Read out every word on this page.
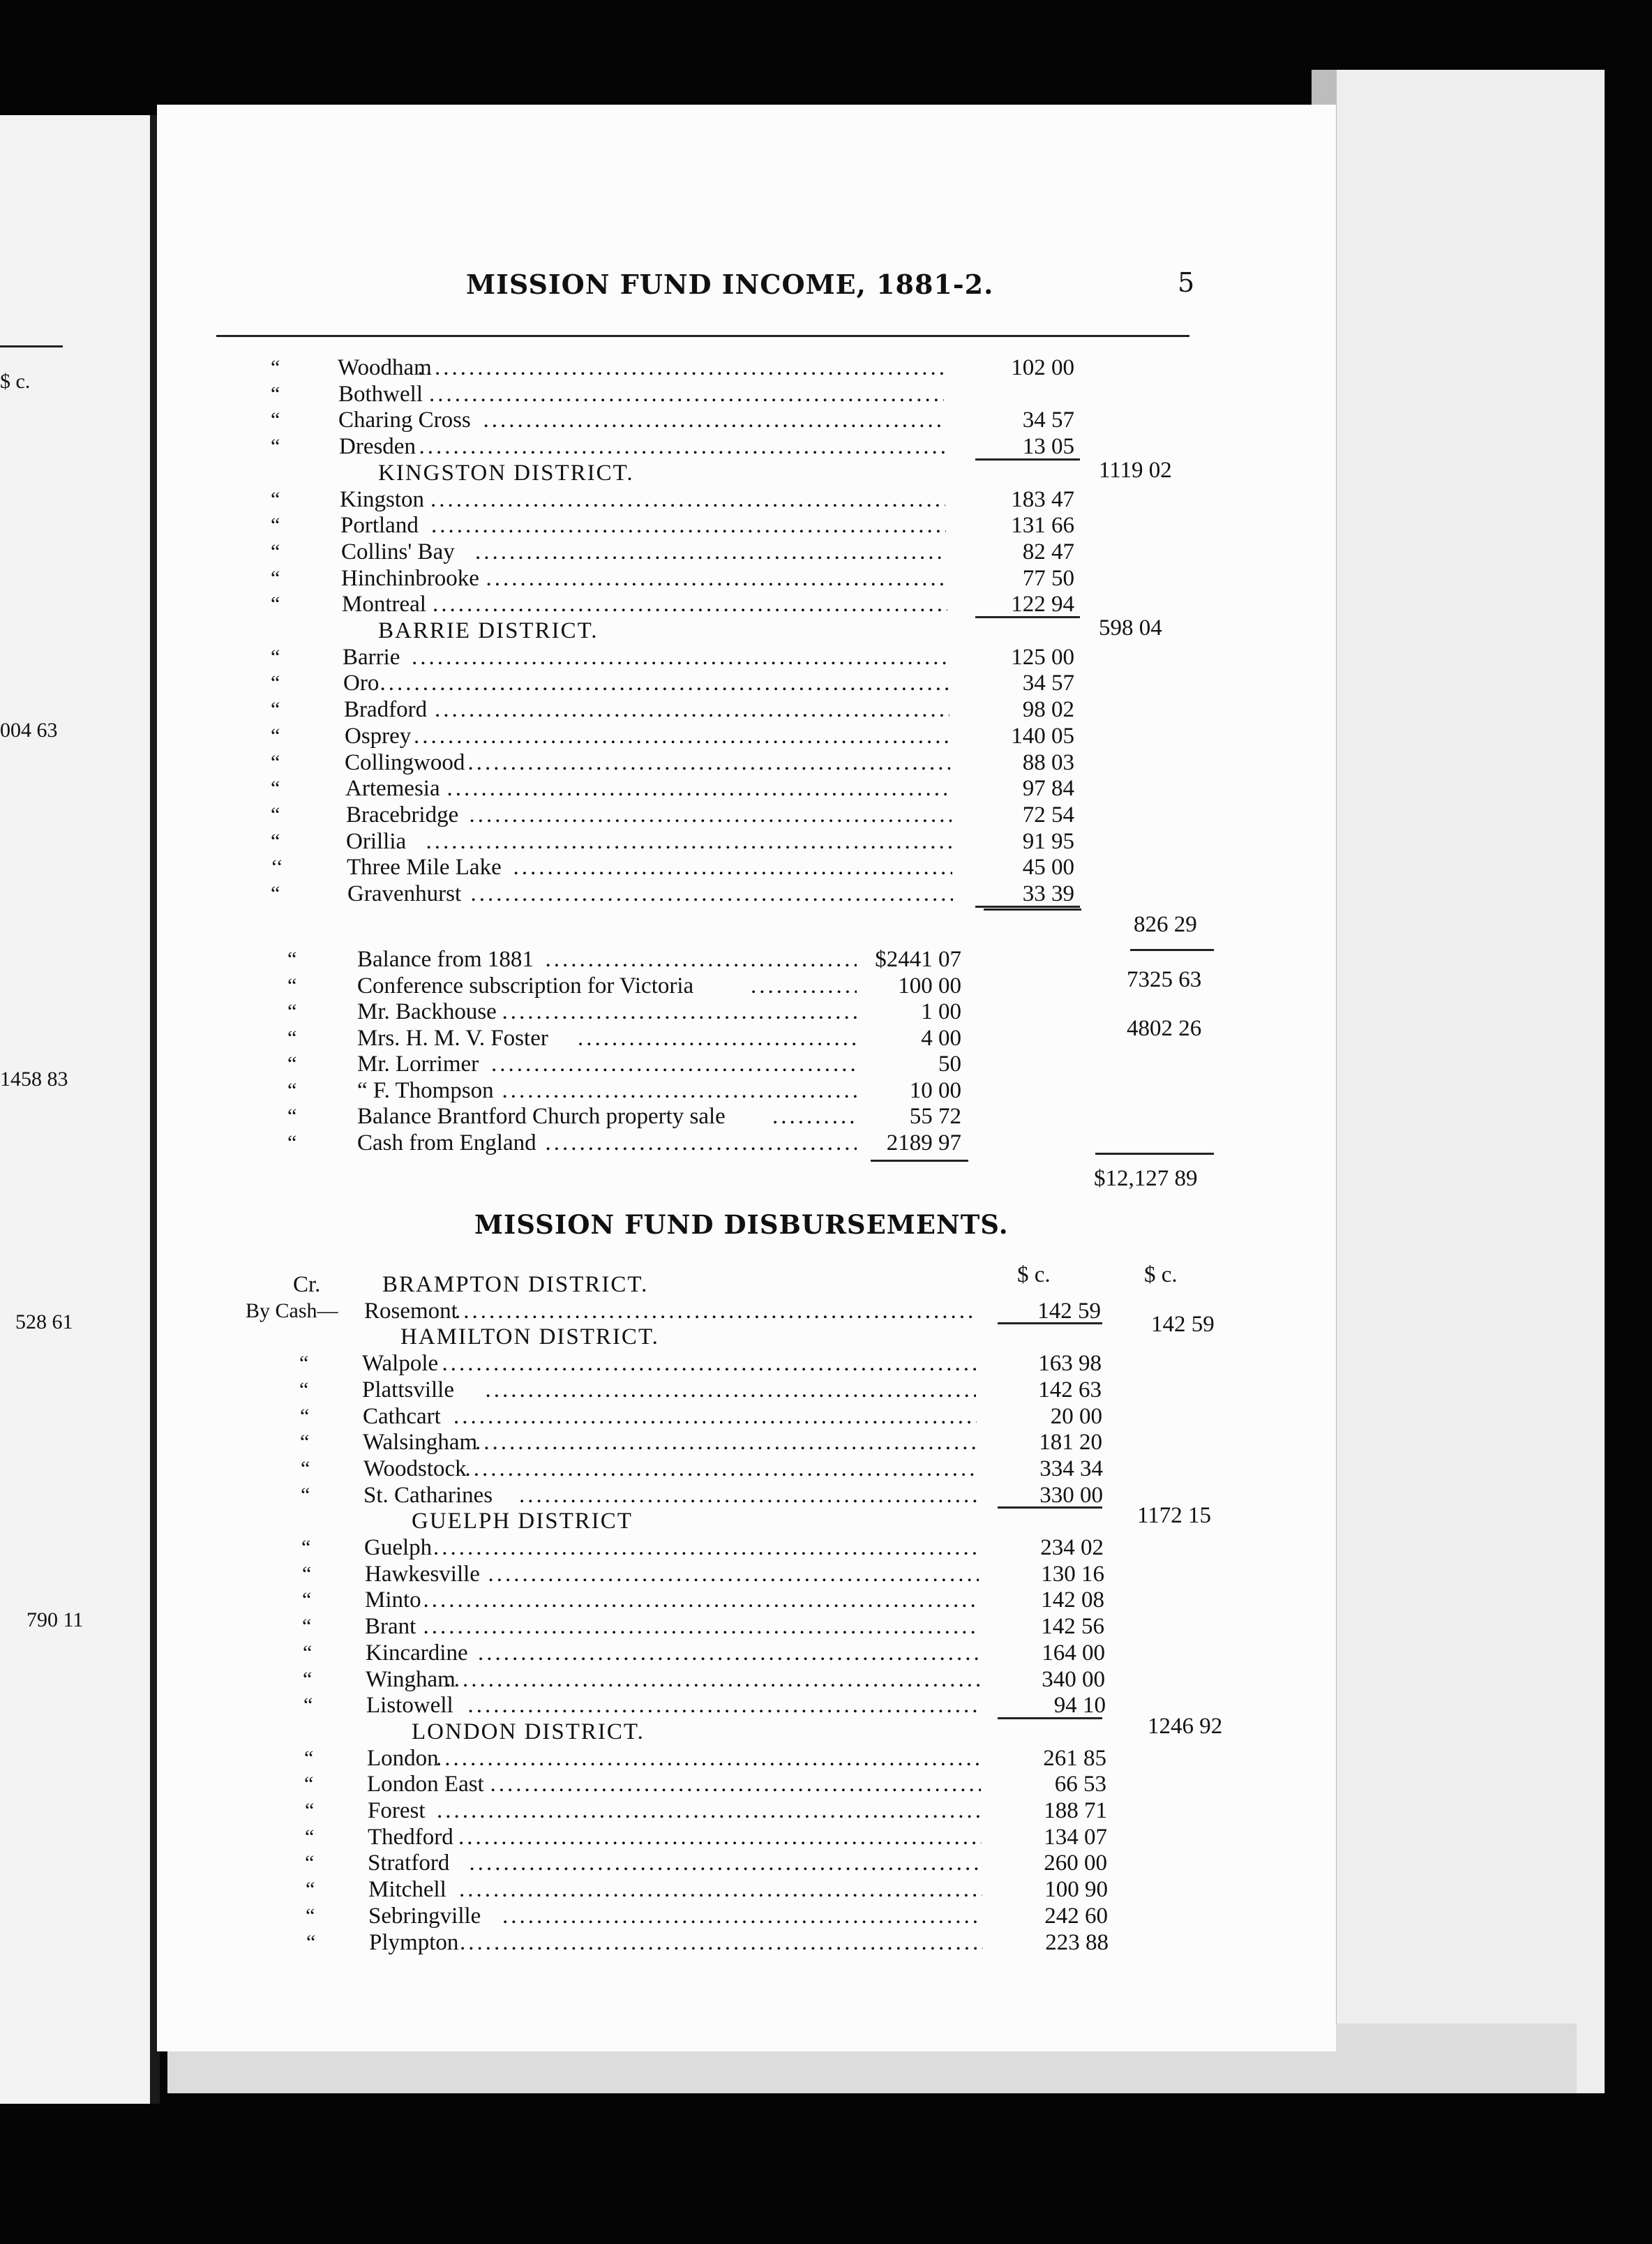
$ c.
004 63
1458 83
528 61
790 11
MISSION FUND INCOME, 1881-2.	5
“	Woodham .....	102 00
“	Bothwell
.....
“	Charing Cross .....	34 57
“	Dresden .....	13 05
1119 02
KINGSTON DISTRICT.
“	Kingston .....	183 47
“	Portland .....	131 66
“	Collins' Bay .....	82 47
“	Hinchinbrooke .....	77 50
“	Montreal .....	122 94
598 04
BARRIE DISTRICT.
“	Barrie .....	125 00
“	Oro .....	34 57
“	Bradford .....	98 02
“	Osprey .....	140 05
“	Collingwood .....	88 03
“	Artemesia .....	97 84
“	Bracebridge .....	72 54
“	Orillia .....	91 95
‘‘	Three Mile Lake .....	45 00
“	Gravenhurst .....	33 39
826 29
7325 63
“	Balance from 1881 .....	$2441 07
“	Conference subscription for Victoria .....	100 00
“	Mr. Backhouse .....	1 00
“	Mrs. H. M. V. Foster .....	4 00
“	Mr. Lorrimer .....	50
“	“ F. Thompson .....	10 00
“	Balance Brantford Church property sale .....	55 72
“	Cash from England .....	2189 97
4802 26
$12,127 89
MISSION FUND DISBURSEMENTS.
$ c.	$ c.
Cr.	BRAMPTON DISTRICT.
By Cash— Rosemont .....	142 59
142 59
HAMILTON DISTRICT.
“ Walpole .....	163 98
“ Plattsville .....	142 63
“ Cathcart .....	20 00
“ Walsingham .....	181 20
“ Woodstock .....	334 34
“ St. Catharines .....	330 00
1172 15
GUELPH DISTRICT
“ Guelph .....	234 02
“ Hawkesville .....	130 16
“ Minto .....	142 08
“ Brant .....	142 56
“ Kincardine .....	164 00
“ Wingham .....	340 00
“ Listowell .....	94 10
1246 92
LONDON DISTRICT.
“ London .....	261 85
“ London East .....	66 53
“ Forest .....	188 71
“ Thedford .....	134 07
“ Stratford .....	260 00
“ Mitchell .....	100 90
“ Sebringville .....	242 60
“ Plympton .....	223 88
